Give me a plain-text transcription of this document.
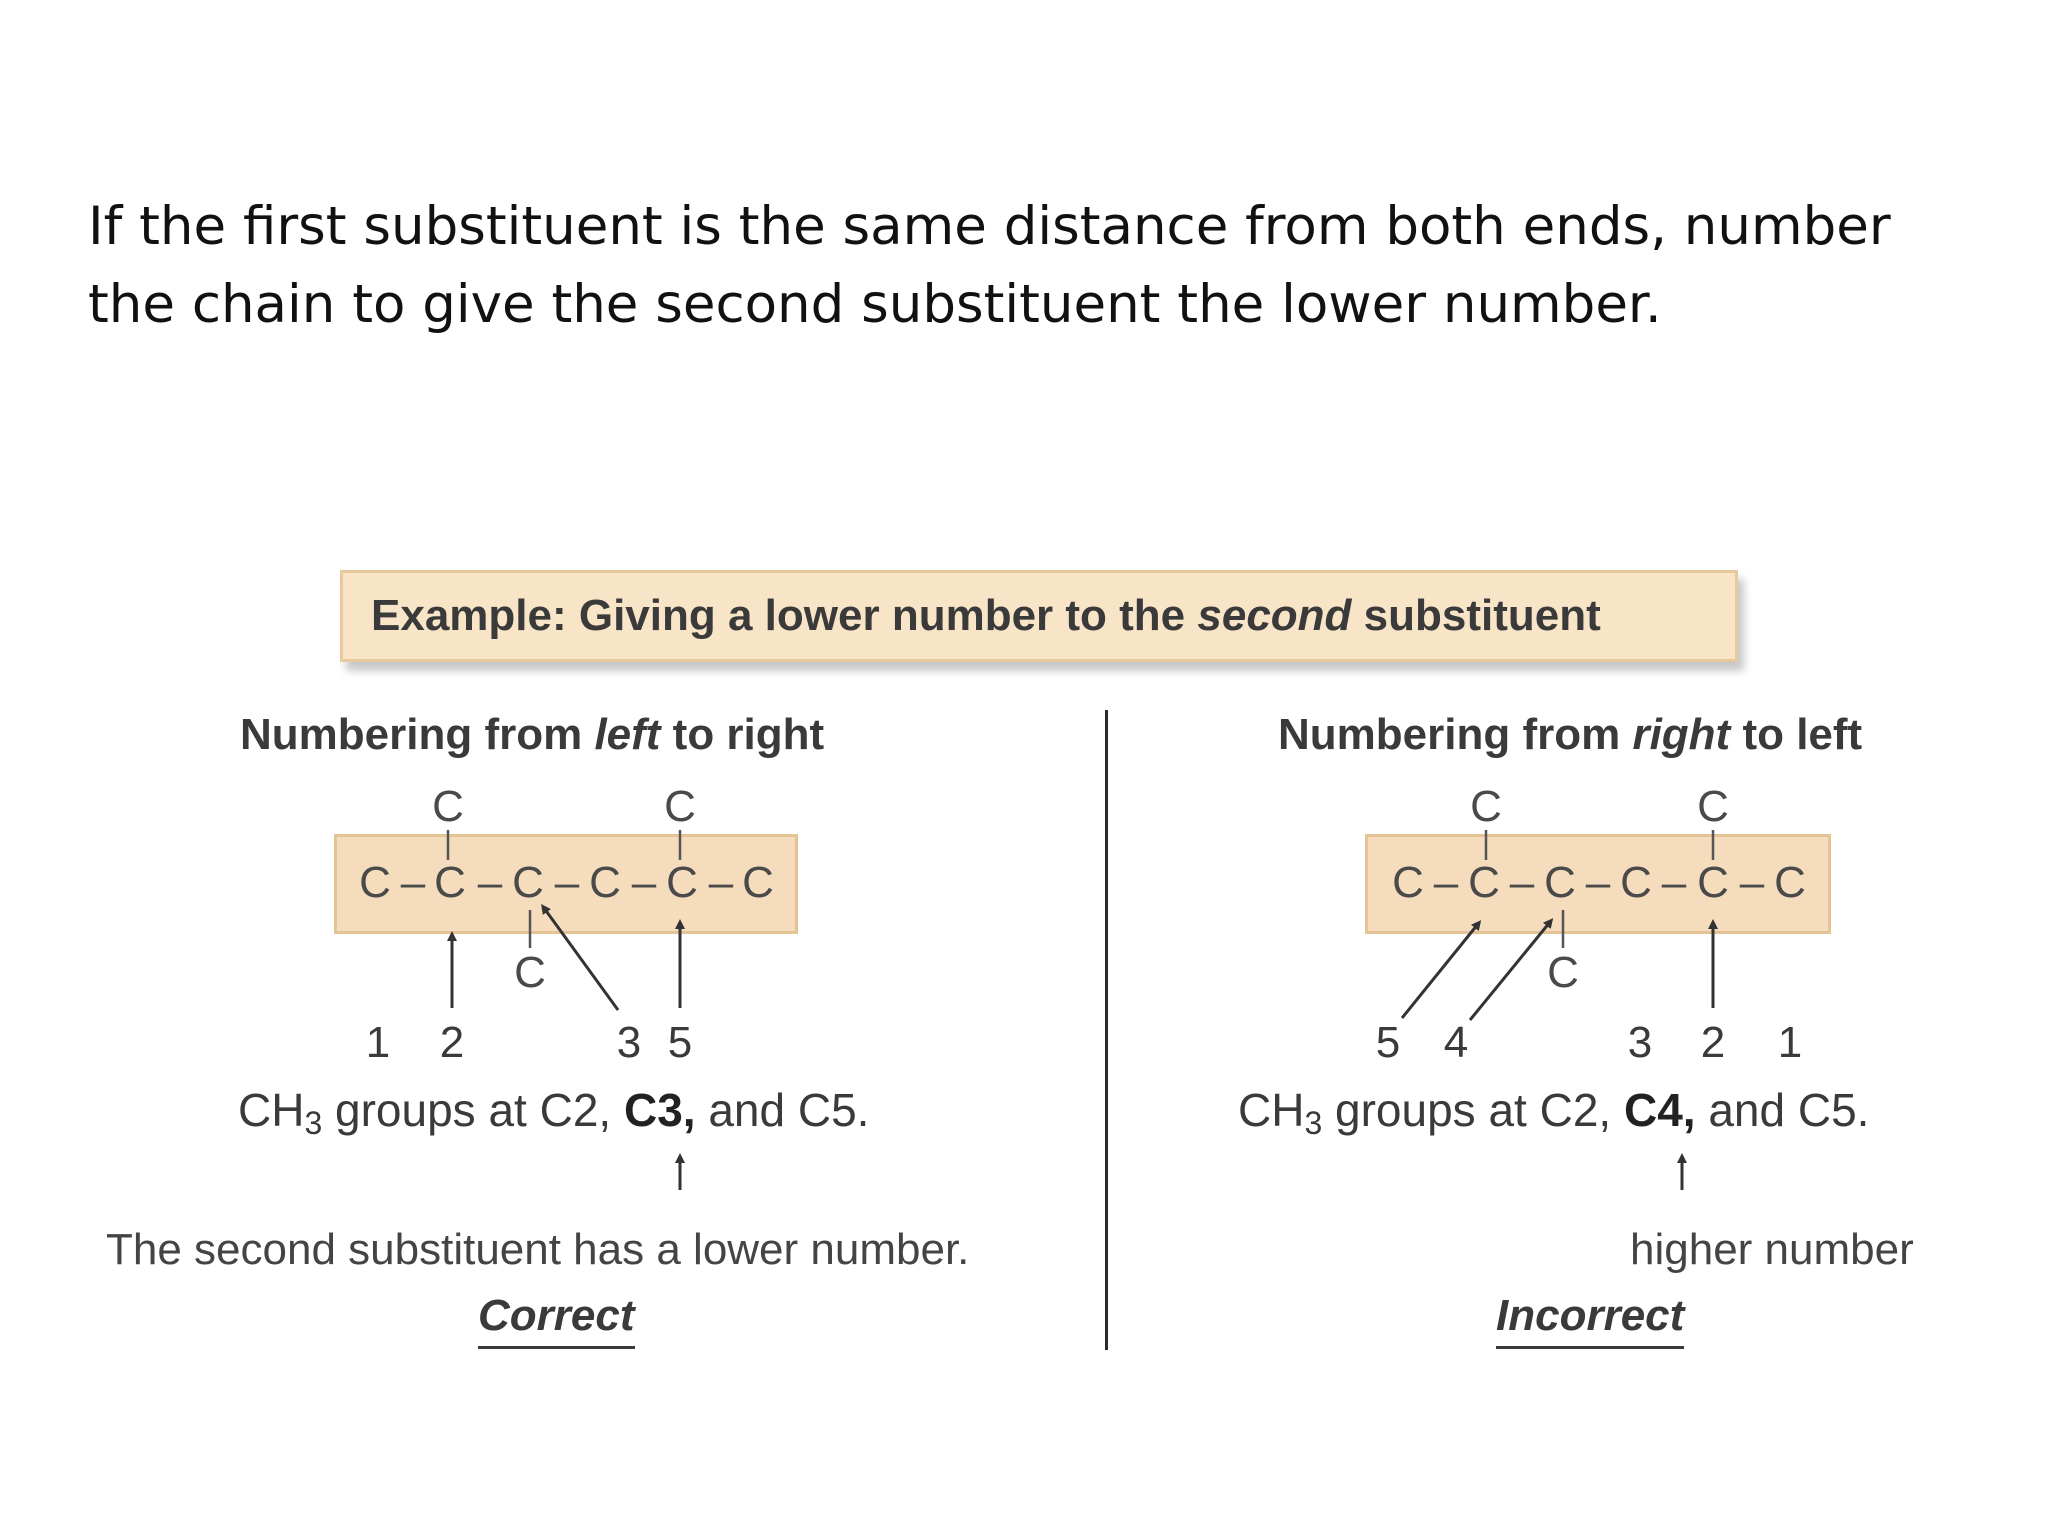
If the first substituent is the same distance from both ends, number the chain to give the second substituent the lower number.

Example: Giving a lower number to the second substituent
Numbering from left to right
C	C
C – C – C – C – C – C
C
1 2	3 5
$CH_3$ groups at C2, C3, and C5.
The second substituent has a lower number.
Correct
Numbering from right to left
C	C
C – C – C – C – C – C
C
5 4	3 2 1
$CH_3$ groups at C2, C4, and C5.
higher number
Incorrect
